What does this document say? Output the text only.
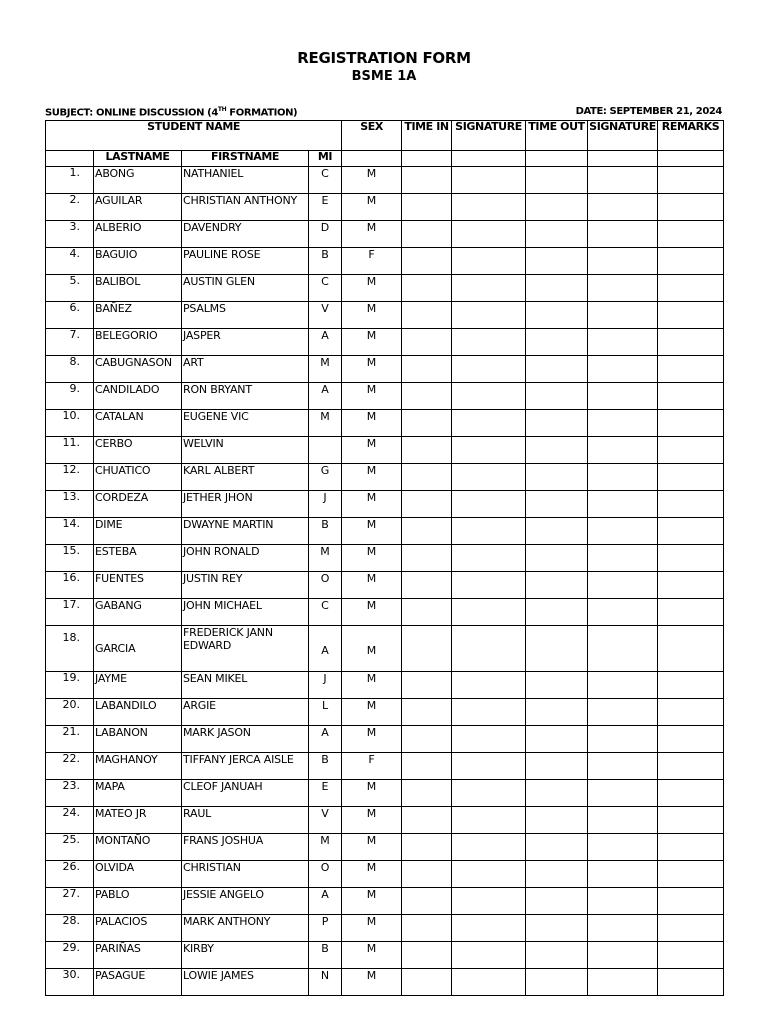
REGISTRATION FORM
BSME 1A
SUBJECT: ONLINE DISCUSSION (4TH FORMATION)	DATE: SEPTEMBER 21, 2024
STUDENT NAME				SEX	TIME IN	SIGNATURE	TIME OUT	SIGNATURE	REMARKS
	LASTNAME	FIRSTNAME	MI						
1.	ABONG	NATHANIEL	C	M					
2.	AGUILAR	CHRISTIAN ANTHONY	E	M					
3.	ALBERIO	DAVENDRY	D	M					
4.	BAGUIO	PAULINE ROSE	B	F					
5.	BALIBOL	AUSTIN GLEN	C	M					
6.	BAÑEZ	PSALMS	V	M					
7.	BELEGORIO	JASPER	A	M					
8.	CABUGNASON	ART	M	M					
9.	CANDILADO	RON BRYANT	A	M					
10.	CATALAN	EUGENE VIC	M	M					
11.	CERBO	WELVIN		M					
12.	CHUATICO	KARL ALBERT	G	M					
13.	CORDEZA	JETHER JHON	J	M					
14.	DIME	DWAYNE MARTIN	B	M					
15.	ESTEBA	JOHN RONALD	M	M					
16.	FUENTES	JUSTIN REY	O	M					
17.	GABANG	JOHN MICHAEL	C	M					
18.	GARCIA	FREDERICK JANN EDWARD	A	M					
19.	JAYME	SEAN MIKEL	J	M					
20.	LABANDILO	ARGIE	L	M					
21.	LABANON	MARK JASON	A	M					
22.	MAGHANOY	TIFFANY JERCA AISLE	B	F					
23.	MAPA	CLEOF JANUAH	E	M					
24.	MATEO JR	RAUL	V	M					
25.	MONTAÑO	FRANS JOSHUA	M	M					
26.	OLVIDA	CHRISTIAN	O	M					
27.	PABLO	JESSIE ANGELO	A	M					
28.	PALACIOS	MARK ANTHONY	P	M					
29.	PARIÑAS	KIRBY	B	M					
30.	PASAGUE	LOWIE JAMES	N	M					
